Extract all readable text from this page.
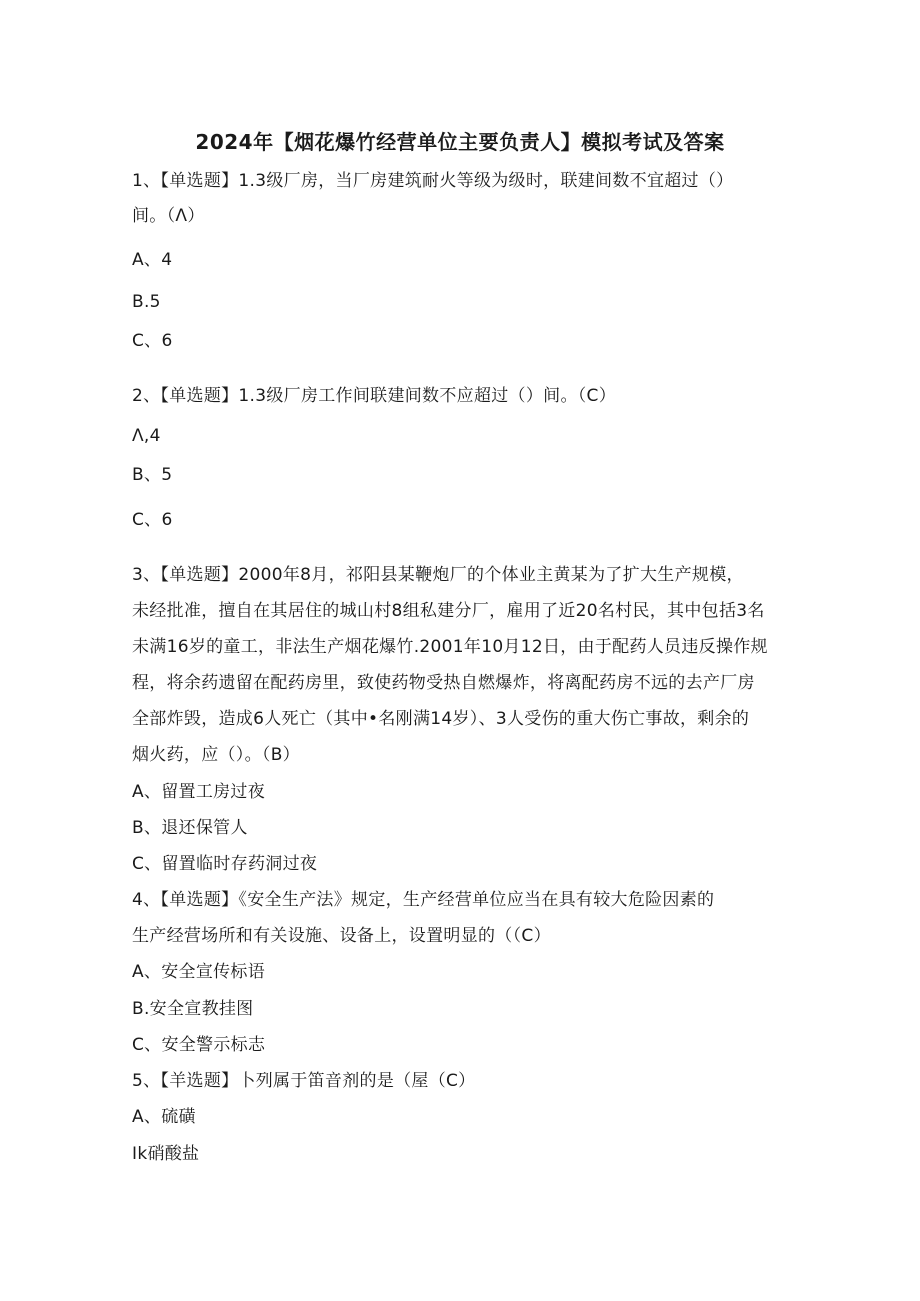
2024年【烟花爆竹经营单位主要负责人】模拟考试及答案
1、【单选题】1.3级厂房，当厂房建筑耐火等级为级时，联建间数不宜超过（）
间。（Λ）
A、4
B.5
C、6
2、【单选题】1.3级厂房工作间联建间数不应超过（）间。（C）
Λ,4
B、5
C、6
3、【单选题】2000年8月，祁阳县某鞭炮厂的个体业主黄某为了扩大生产规模，
未经批准，擅自在其居住的城山村8组私建分厂，雇用了近20名村民，其中包括3名
未满16岁的童工，非法生产烟花爆竹.2001年10月12日，由于配药人员违反操作规
程，将余药遗留在配药房里，致使药物受热自燃爆炸，将离配药房不远的去产厂房
全部炸毁，造成6人死亡（其中•名刚满14岁）、3人受伤的重大伤亡事故，剩余的
烟火药，应（）。（B）
A、留置工房过夜
B、退还保管人
C、留置临时存药洞过夜
4、【单选题】《安全生产法》规定，生产经营单位应当在具有较大危险因素的
生产经营场所和有关设施、设备上，设置明显的（（C）
A、安全宣传标语
B.安全宣教挂图
C、安全警示标志
5、【羊选题】卜列属于笛音剂的是（屋（C）
A、硫磺
Ik硝酸盐
